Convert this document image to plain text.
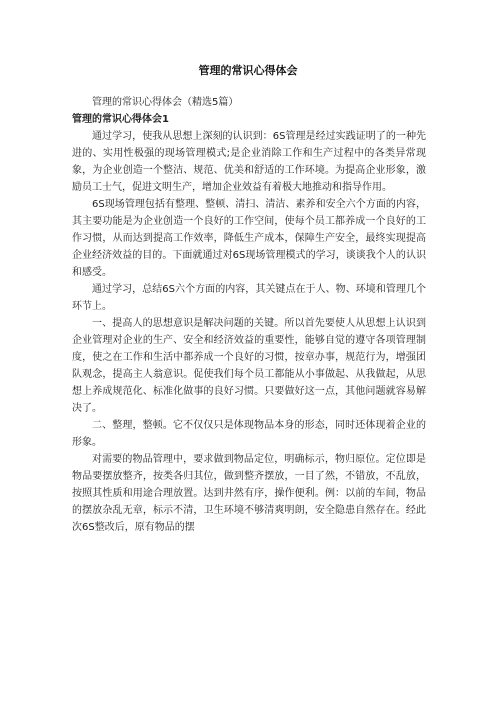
管理的常识心得体会

管理的常识心得体会（精选5篇）

管理的常识心得体会1

通过学习，使我从思想上深刻的认识到：6S管理是经过实践证明了的一种先进的、实用性极强的现场管理模式;是企业消除工作和生产过程中的各类异常现象，为企业创造一个整洁、规范、优美和舒适的工作环境。为提高企业形象，激励员工士气，促进文明生产，增加企业效益有着极大地推动和指导作用。

6S现场管理包括有整理、整顿、清扫、清洁、素养和安全六个方面的内容，其主要功能是为企业创造一个良好的工作空间，使每个员工都养成一个良好的工作习惯，从而达到提高工作效率，降低生产成本，保障生产安全，最终实现提高企业经济效益的目的。下面就通过对6S现场管理模式的学习，谈谈我个人的认识和感受。

通过学习，总结6S六个方面的内容，其关键点在于人、物、环境和管理几个环节上。

一、提高人的思想意识是解决问题的关键。所以首先要使人从思想上认识到企业管理对企业的生产、安全和经济效益的重要性，能够自觉的遵守各项管理制度，使之在工作和生活中都养成一个良好的习惯，按章办事，规范行为，增强团队观念，提高主人翁意识。促使我们每个员工都能从小事做起、从我做起，从思想上养成规范化、标准化做事的良好习惯。只要做好这一点，其他问题就容易解决了。

二、整理，整顿。它不仅仅只是体现物品本身的形态，同时还体现着企业的形象。

对需要的物品管理中，要求做到物品定位，明确标示，物归原位。定位即是物品要摆放整齐，按类各归其位，做到整齐摆放，一目了然，不错放，不乱放，按照其性质和用途合理放置。达到井然有序，操作便利。例：以前的车间，物品的摆放杂乱无章，标示不清，卫生环境不够清爽明朗，安全隐患自然存在。经此次6S整改后，原有物品的摆
